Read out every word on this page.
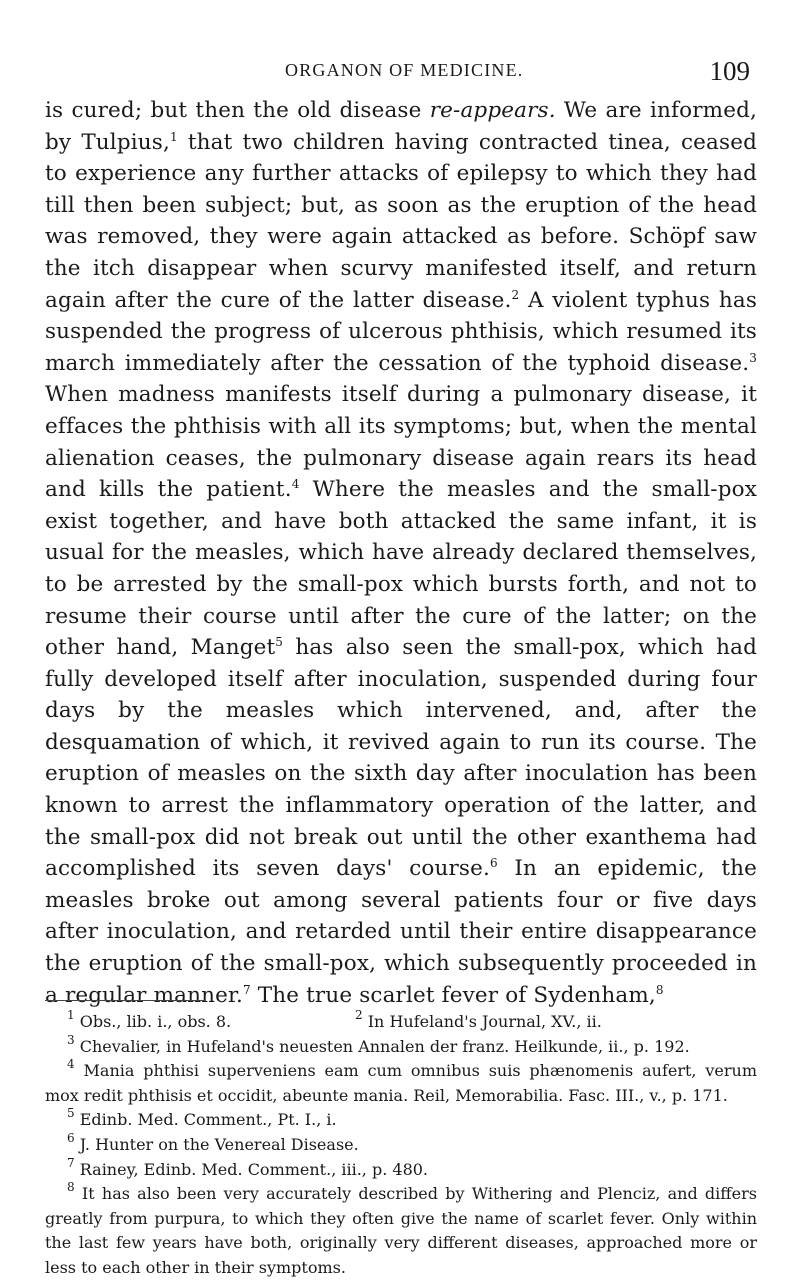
ORGANON OF MEDICINE.	109

is cured; but then the old disease re-appears. We are informed, by Tulpius,$^1$ that two children having contracted tinea, ceased to experience any further attacks of epilepsy to which they had till then been subject; but, as soon as the eruption of the head was removed, they were again attacked as before. Schöpf saw the itch disappear when scurvy manifested itself, and return again after the cure of the latter disease.$^2$ A violent typhus has suspended the progress of ulcerous phthisis, which resumed its march immediately after the cessation of the typhoid disease.$^3$ When madness manifests itself during a pulmonary disease, it effaces the phthisis with all its symptoms; but, when the mental alienation ceases, the pulmonary disease again rears its head and kills the patient.$^4$ Where the measles and the small-pox exist together, and have both attacked the same infant, it is usual for the measles, which have already declared themselves, to be arrested by the small-pox which bursts forth, and not to resume their course until after the cure of the latter; on the other hand, Manget$^5$ has also seen the small-pox, which had fully developed itself after inoculation, suspended during four days by the measles which intervened, and, after the desquamation of which, it revived again to run its course. The eruption of measles on the sixth day after inoculation has been known to arrest the inflammatory operation of the latter, and the small-pox did not break out until the other exanthema had accomplished its seven days' course.$^6$ In an epidemic, the measles broke out among several patients four or five days after inoculation, and retarded until their entire disappearance the eruption of the small-pox, which subsequently proceeded in a regular manner.$^7$ The true scarlet fever of Sydenham,$^8$

$^1$ Obs., lib. i., obs. 8.	$^2$ In Hufeland's Journal, XV., ii.

$^3$ Chevalier, in Hufeland's neuesten Annalen der franz. Heilkunde, ii., p. 192.

$^4$ Mania phthisi superveniens eam cum omnibus suis phænomenis aufert, verum mox redit phthisis et occidit, abeunte mania. Reil, Memorabilia. Fasc. III., v., p. 171.

$^5$ Edinb. Med. Comment., Pt. I., i.

$^6$ J. Hunter on the Venereal Disease.

$^7$ Rainey, Edinb. Med. Comment., iii., p. 480.

$^8$ It has also been very accurately described by Withering and Plenciz, and differs greatly from purpura, to which they often give the name of scarlet fever. Only within the last few years have both, originally very different diseases, approached more or less to each other in their symptoms.
